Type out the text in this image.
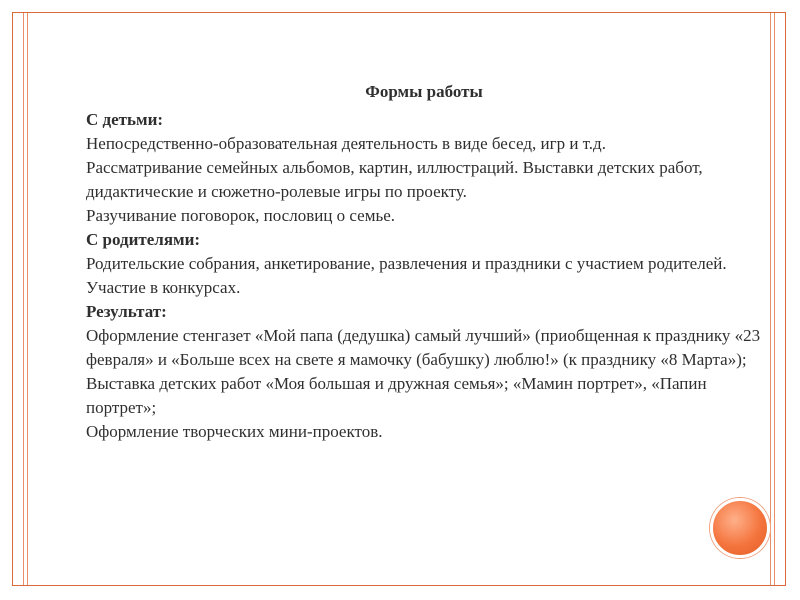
Формы работы

С детьми:

Непосредственно-образовательная деятельность в виде бесед, игр и т.д.

Рассматривание семейных альбомов, картин, иллюстраций. Выставки детских работ, дидактические и сюжетно-ролевые игры по проекту.

Разучивание поговорок, пословиц о семье.

С родителями:

Родительские собрания, анкетирование, развлечения и праздники с участием родителей. Участие в конкурсах.

Результат:

Оформление стенгазет «Мой папа (дедушка) самый лучший» (приобщенная к празднику «23 февраля» и «Больше всех на свете я мамочку (бабушку) люблю!» (к празднику «8 Марта»);

Выставка детских работ «Моя большая и дружная семья»; «Мамин портрет», «Папин портрет»;

Оформление творческих мини-проектов.
